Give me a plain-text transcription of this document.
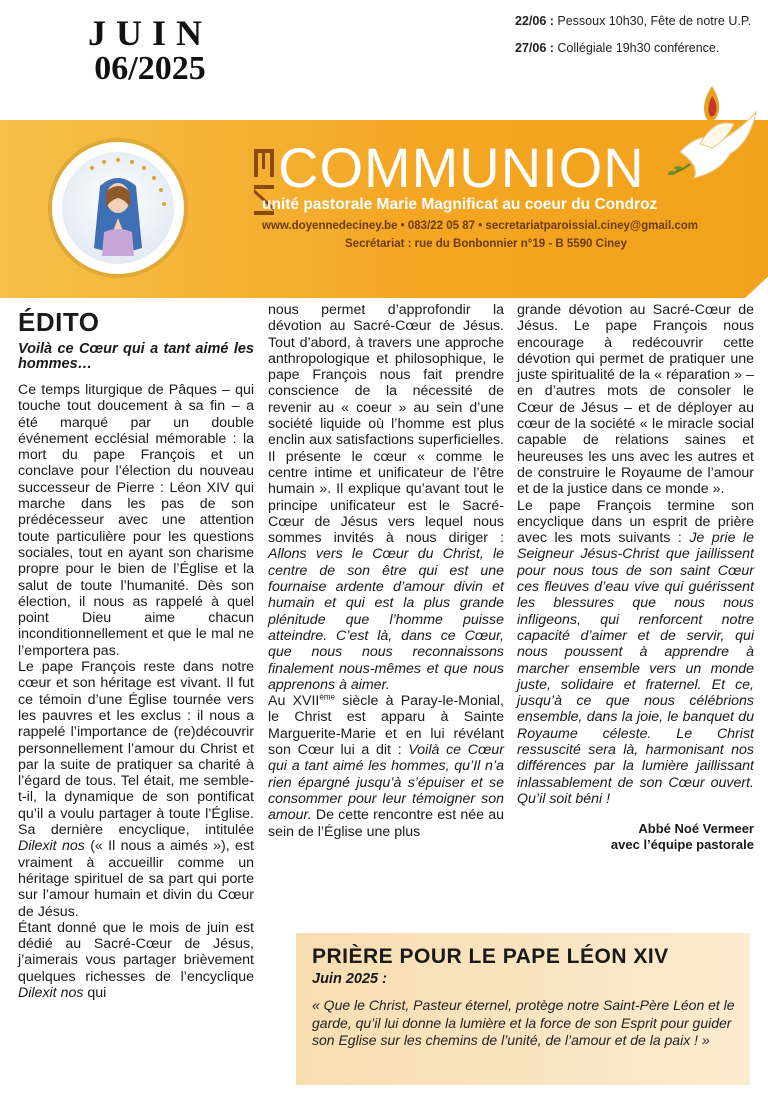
JUIN
06/2025
22/06 : Pessoux 10h30, Fête de notre U.P.
27/06 : Collégiale 19h30 conférence.
EN COMMUNION
unité pastorale Marie Magnificat au coeur du Condroz
www.doyennedeciney.be • 083/22 05 87 • secretariatparoissial.ciney@gmail.com
Secrétariat : rue du Bonbonnier n°19 - B 5590 Ciney
ÉDITO
Voilà ce Cœur qui a tant aimé les hommes…

Ce temps liturgique de Pâques – qui touche tout doucement à sa fin – a été marqué par un double événement ecclésial mémorable : la mort du pape François et un conclave pour l’élection du nouveau successeur de Pierre : Léon XIV qui marche dans les pas de son prédécesseur avec une attention toute particulière pour les questions sociales, tout en ayant son charisme propre pour le bien de l’Église et la salut de toute l’humanité. Dès son élection, il nous as rappelé à quel point Dieu aime chacun inconditionnellement et que le mal ne l’emportera pas.

Le pape François reste dans notre cœur et son héritage est vivant. Il fut ce témoin d’une Église tournée vers les pauvres et les exclus : il nous a rappelé l’importance de (re)découvrir personnellement l’amour du Christ et par la suite de pratiquer sa charité à l’égard de tous. Tel était, me semble-t-il, la dynamique de son pontificat qu’il a voulu partager à toute l’Église. Sa dernière encyclique, intitulée Dilexit nos (« Il nous a aimés »), est vraiment à accueillir comme un héritage spirituel de sa part qui porte sur l’amour humain et divin du Cœur de Jésus.

Étant donné que le mois de juin est dédié au Sacré-Cœur de Jésus, j’aimerais vous partager brièvement quelques richesses de l’encyclique Dilexit nos qui

nous permet d’approfondir la dévotion au Sacré-Cœur de Jésus. Tout d’abord, à travers une approche anthropologique et philosophique, le pape François nous fait prendre conscience de la nécessité de revenir au « coeur » au sein d’une société liquide où l’homme est plus enclin aux satisfactions superficielles. Il présente le cœur « comme le centre intime et unificateur de l’être humain ». Il explique qu’avant tout le principe unificateur est le Sacré-Cœur de Jésus vers lequel nous sommes invités à nous diriger : Allons vers le Cœur du Christ, le centre de son être qui est une fournaise ardente d’amour divin et humain et qui est la plus grande plénitude que l’homme puisse atteindre. C’est là, dans ce Cœur, que nous nous reconnaissons finalement nous-mêmes et que nous apprenons à aimer.

Au XVIIème siècle à Paray-le-Monial, le Christ est apparu à Sainte Marguerite-Marie et en lui révélant son Cœur lui a dit : Voilà ce Cœur qui a tant aimé les hommes, qu’Il n’a rien épargné jusqu’à s’épuiser et se consommer pour leur témoigner son amour. De cette rencontre est née au sein de l’Église une plus

grande dévotion au Sacré-Cœur de Jésus. Le pape François nous encourage à redécouvrir cette dévotion qui permet de pratiquer une juste spiritualité de la « réparation » – en d’autres mots de consoler le Cœur de Jésus – et de déployer au cœur de la société « le miracle social capable de relations saines et heureuses les uns avec les autres et de construire le Royaume de l’amour et de la justice dans ce monde ».

Le pape François termine son encyclique dans un esprit de prière avec les mots suivants : Je prie le Seigneur Jésus-Christ que jaillissent pour nous tous de son saint Cœur ces fleuves d’eau vive qui guérissent les blessures que nous nous infligeons, qui renforcent notre capacité d’aimer et de servir, qui nous poussent à apprendre à marcher ensemble vers un monde juste, solidaire et fraternel. Et ce, jusqu’à ce que nous célébrions ensemble, dans la joie, le banquet du Royaume céleste. Le Christ ressuscité sera là, harmonisant nos différences par la lumière jaillissant inlassablement de son Cœur ouvert. Qu’il soit béni !

Abbé Noé Vermeer
avec l’équipe pastorale
PRIÈRE POUR LE PAPE LÉON XIV
Juin 2025 :
« Que le Christ, Pasteur éternel, protège notre Saint-Père Léon et le garde, qu’il lui donne la lumière et la force de son Esprit pour guider son Eglise sur les chemins de l’unité, de l’amour et de la paix ! »
